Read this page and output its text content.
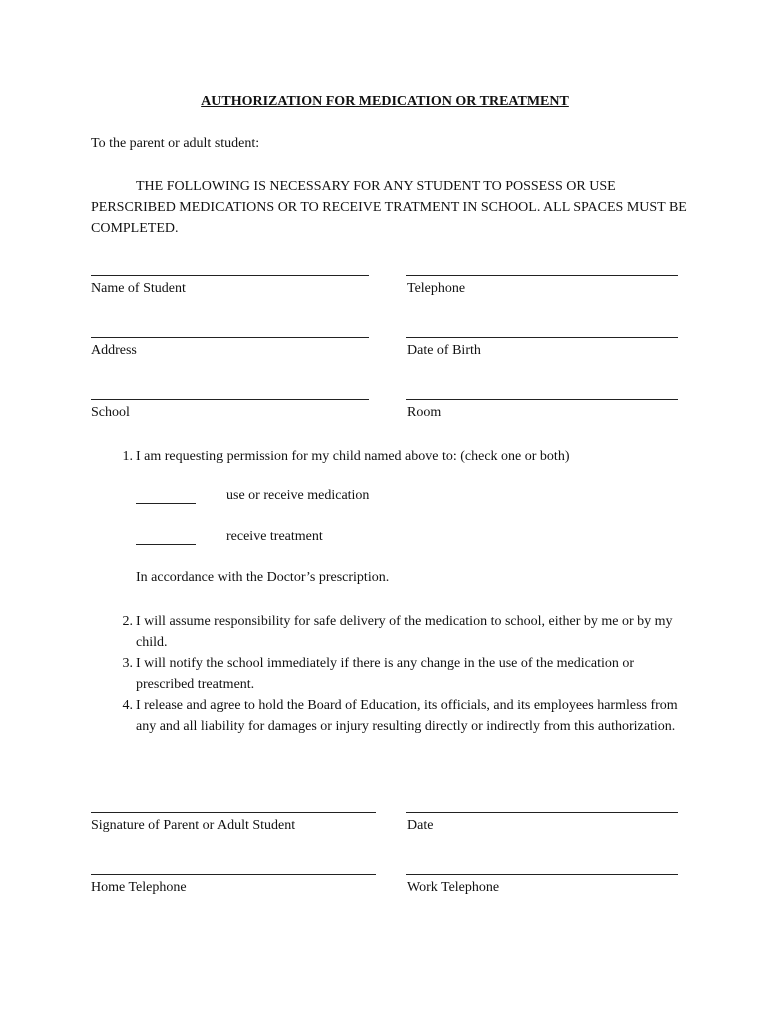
AUTHORIZATION FOR MEDICATION OR TREATMENT
To the parent or adult student:
THE FOLLOWING IS NECESSARY FOR ANY STUDENT TO POSSESS OR USE PERSCRIBED MEDICATIONS OR TO RECEIVE TRATMENT IN SCHOOL. ALL SPACES MUST BE COMPLETED.
Name of Student	Telephone
Address	Date of Birth
School	Room
1. I am requesting permission for my child named above to: (check one or both)
use or receive medication
receive treatment
In accordance with the Doctor’s prescription.
2. I will assume responsibility for safe delivery of the medication to school, either by me or by my child.
3. I will notify the school immediately if there is any change in the use of the medication or prescribed treatment.
4. I release and agree to hold the Board of Education, its officials, and its employees harmless from any and all liability for damages or injury resulting directly or indirectly from this authorization.
Signature of Parent or Adult Student	Date
Home Telephone	Work Telephone
